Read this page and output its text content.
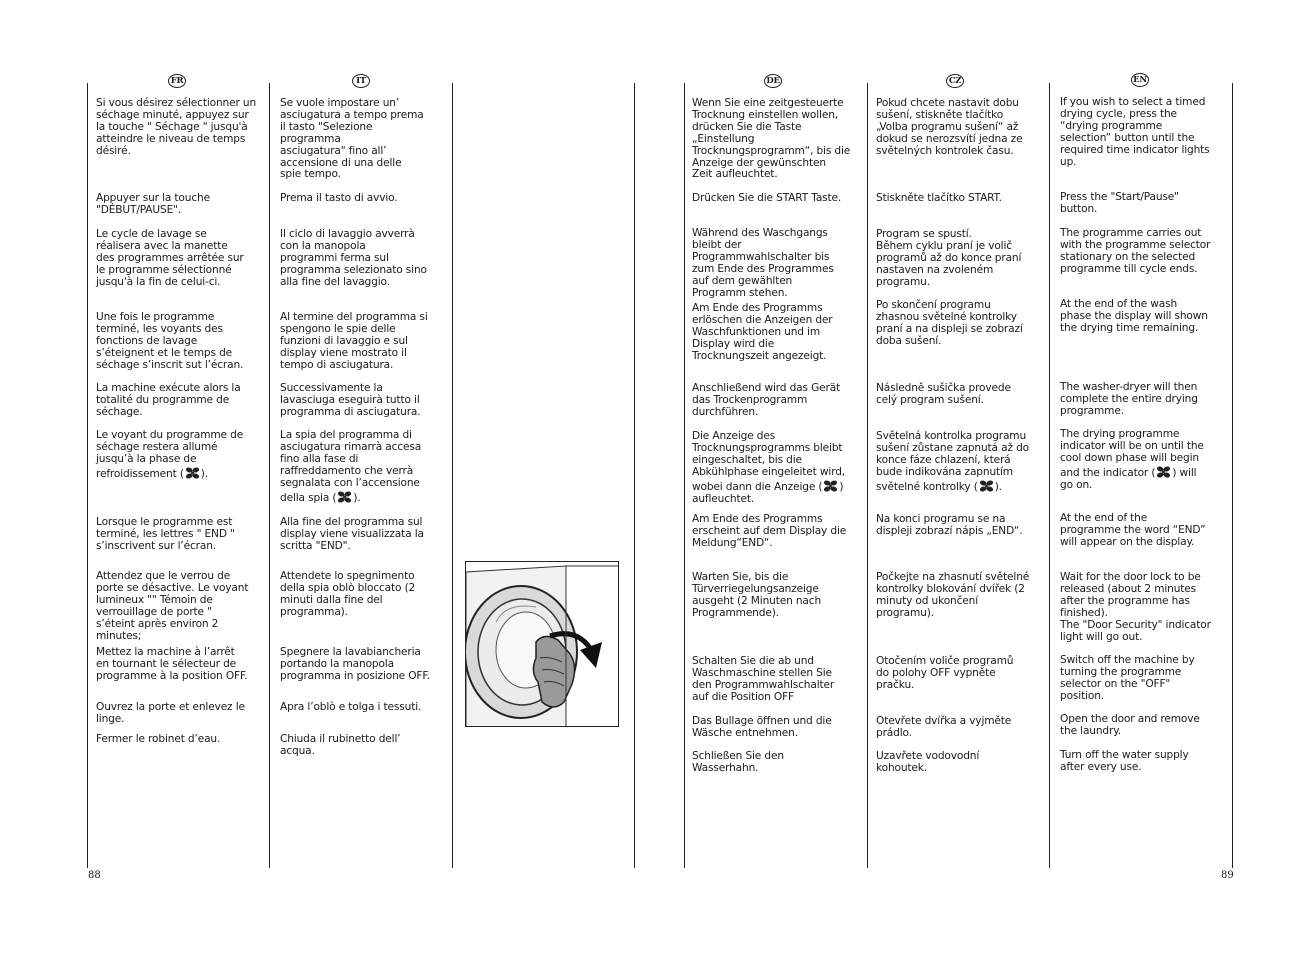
FR	IT	DE	CZ	EN
Si vous désirez sélectionner un
séchage minuté, appuyez sur
la touche " Séchage " jusqu'à
atteindre le niveau de temps
désiré.
Appuyer sur la touche
"DÉBUT/PAUSE".
Le cycle de lavage se
réalisera avec la manette
des programmes arrêtée sur
le programme sélectionné
jusqu'à la fin de celui-ci.
Une fois le programme
terminé, les voyants des
fonctions de lavage
s’éteignent et le temps de
séchage s’inscrit sut l’écran.
La machine exécute alors la
totalité du programme de
séchage.
Le voyant du programme de
séchage restera allumé
jusqu’à la phase de
refroidissement ( ).
Lorsque le programme est
terminé, les lettres " END "
s’inscrivent sur l’écran.
Attendez que le verrou de
porte se désactive. Le voyant
lumineux "" Témoin de
verrouillage de porte "
s’éteint après environ 2
minutes;
Mettez la machine à l’arrêt
en tournant le sélecteur de
programme à la position OFF.
Ouvrez la porte et enlevez le
linge.
Fermer le robinet d’eau.
Se vuole impostare un’
asciugatura a tempo prema
il tasto "Selezione
programma
asciugatura" fino all’
accensione di una delle
spie tempo.
Prema il tasto di avvio.
Il ciclo di lavaggio avverrà
con la manopola
programmi ferma sul
programma selezionato sino
alla fine del lavaggio.
Al termine del programma si
spengono le spie delle
funzioni di lavaggio e sul
display viene mostrato il
tempo di asciugatura.
Successivamente la
lavasciuga eseguirà tutto il
programma di asciugatura.
La spia del programma di
asciugatura rimarrà accesa
fino alla fase di
raffreddamento che verrà
segnalata con l’accensione
della spia ( ).
Alla fine del programma sul
display viene visualizzata la
scritta "END".
Attendete lo spegnimento
della spia oblò bloccato (2
minuti dalla fine del
programma).
Spegnere la lavabiancheria
portando la manopola
programma in posizione OFF.
Apra l’oblò e tolga i tessuti.
Chiuda il rubinetto dell’
acqua.
Wenn Sie eine zeitgesteuerte
Trocknung einstellen wollen,
drücken Sie die Taste
„Einstellung
Trocknungsprogramm“, bis die
Anzeige der gewünschten
Zeit aufleuchtet.
Drücken Sie die START Taste.
Während des Waschgangs
bleibt der
Programmwahlschalter bis
zum Ende des Programmes
auf dem gewählten
Programm stehen.
Am Ende des Programms
erlöschen die Anzeigen der
Waschfunktionen und im
Display wird die
Trocknungszeit angezeigt.
Anschließend wird das Gerät
das Trockenprogramm
durchführen.
Die Anzeige des
Trocknungsprogramms bleibt
eingeschaltet, bis die
Abkühlphase eingeleitet wird,
wobei dann die Anzeige ( )
aufleuchtet.
Am Ende des Programms
erscheint auf dem Display die
Meldung“END“.
Warten Sie, bis die
Türverriegelungsanzeige
ausgeht (2 Minuten nach
Programmende).
Schalten Sie die ab und
Waschmaschine stellen Sie
den Programmwahlschalter
auf die Position OFF
Das Bullage öffnen und die
Wäsche entnehmen.
Schließen Sie den
Wasserhahn.
Pokud chcete nastavit dobu
sušení, stiskněte tlačítko
„Volba programu sušení“ až
dokud se nerozsvítí jedna ze
světelných kontrolek času.
Stiskněte tlačítko START.
Program se spustí.
Během cyklu praní je volič
programů až do konce praní
nastaven na zvoleném
programu.
Po skončení programu
zhasnou světelné kontrolky
praní a na displeji se zobrazí
doba sušení.
Následně sušička provede
celý program sušení.
Světelná kontrolka programu
sušení zůstane zapnutá až do
konce fáze chlazení, která
bude indikována zapnutím
světelné kontrolky ( ).
Na konci programu se na
displeji zobrazí nápis „END“.
Počkejte na zhasnutí světelné
kontrolky blokování dvířek (2
minuty od ukončení
programu).
Otočením voliče programů
do polohy OFF vypněte
pračku.
Otevřete dvířka a vyjměte
prádlo.
Uzavřete vodovodní
kohoutek.
If you wish to select a timed
drying cycle, press the
“drying programme
selection” button until the
required time indicator lights
up.
Press the "Start/Pause"
button.
The programme carries out
with the programme selector
stationary on the selected
programme till cycle ends.
At the end of the wash
phase the display will shown
the drying time remaining.
The washer-dryer will then
complete the entire drying
programme.
The drying programme
indicator will be on until the
cool down phase will begin
and the indicator ( ) will
go on.
At the end of the
programme the word “END”
will appear on the display.
Wait for the door lock to be
released (about 2 minutes
after the programme has
finished).
The "Door Security" indicator
light will go out.
Switch off the machine by
turning the programme
selector on the "OFF"
position.
Open the door and remove
the laundry.
Turn off the water supply
after every use.
88	89
